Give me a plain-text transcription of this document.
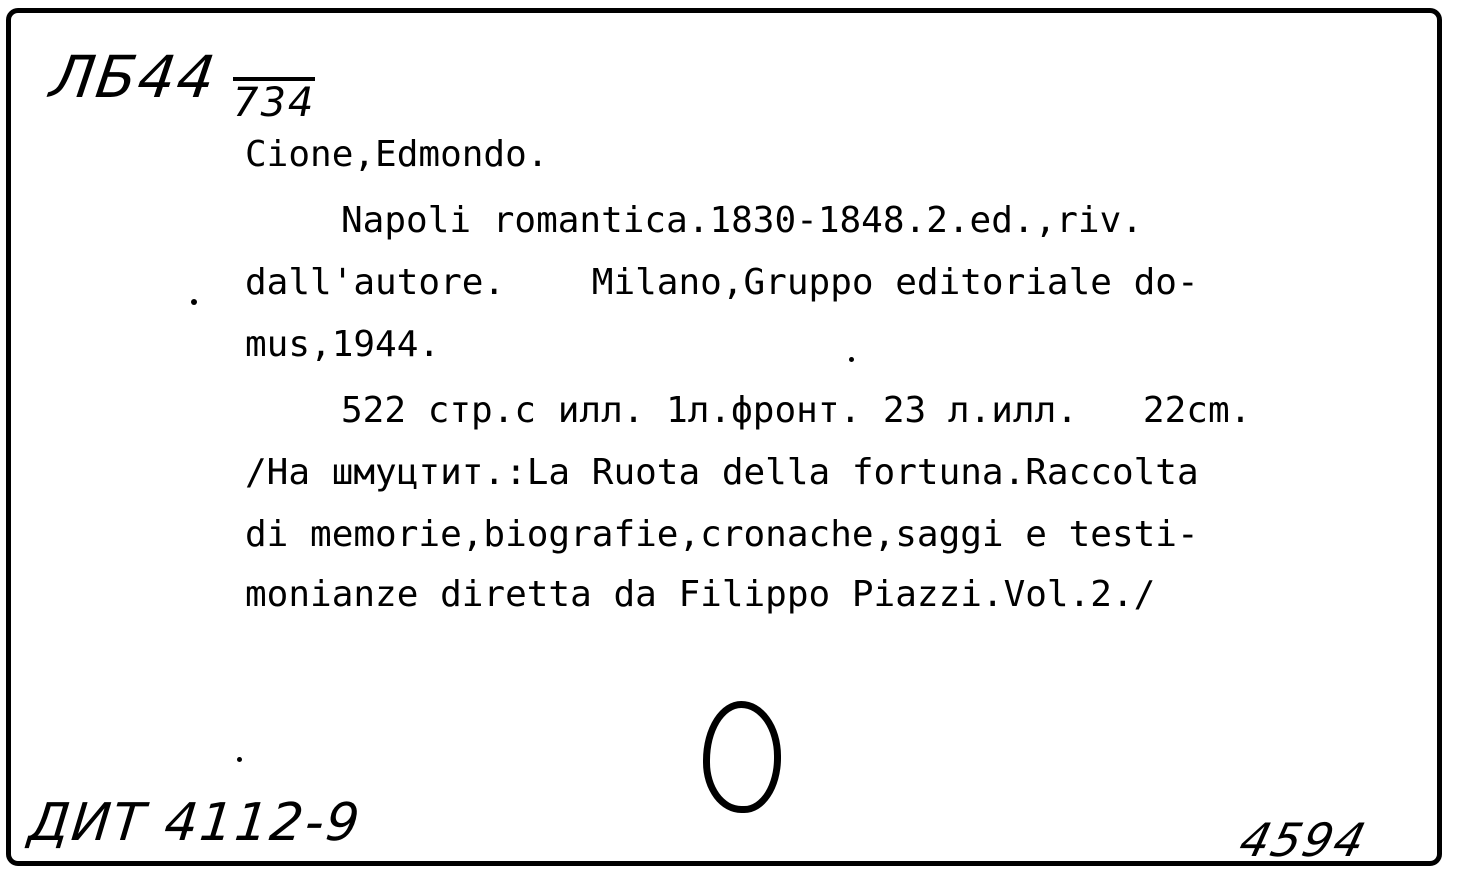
ЛБ44 734
Cione,Edmondo.
Napoli romantica.1830-1848.2.ed.,riv.
dall'autore.    Milano,Gruppo editoriale do-
mus,1944.
522 стр.с илл. 1л.фронт. 23 л.илл.   22cm.
/На шмуцтит.:La Ruota della fortuna.Raccolta
di memorie,biografie,cronache,saggi e testi-
monianze diretta da Filippo Piazzi.Vol.2./
ДИТ 4112-9	4594
